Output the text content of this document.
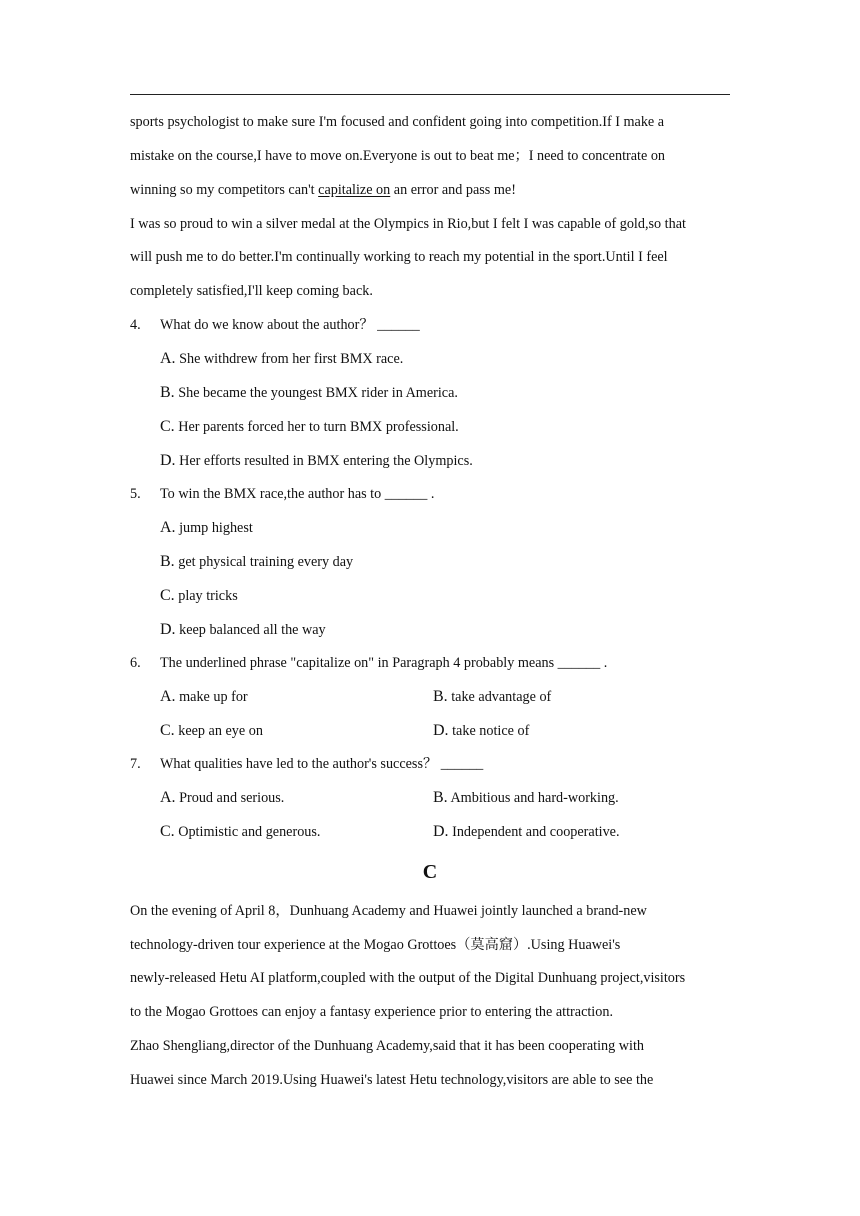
sports psychologist to make sure I'm focused and confident going into competition.If I make a
mistake on the course,I have to move on.Everyone is out to beat me；I need to concentrate on
winning so my competitors can't capitalize on an error and pass me!
I was so proud to win a silver medal at the Olympics in Rio,but I felt I was capable of gold,so that
will push me to do better.I'm continually working to reach my potential in the sport.Until I feel
completely satisfied,I'll keep coming back.
4. What do we know about the author？ ______
A. She withdrew from her first BMX race.
B. She became the youngest BMX rider in America.
C. Her parents forced her to turn BMX professional.
D. Her efforts resulted in BMX entering the Olympics.
5. To win the BMX race,the author has to ______ .
A. jump highest
B. get physical training every day
C. play tricks
D. keep balanced all the way
6. The underlined phrase "capitalize on" in Paragraph 4 probably means ______ .
A. make up for	B. take advantage of
C. keep an eye on	D. take notice of
7. What qualities have led to the author's success？ ______
A. Proud and serious.	B. Ambitious and hard-working.
C. Optimistic and generous.	D. Independent and cooperative.
C
On the evening of April 8，Dunhuang Academy and Huawei jointly launched a brand-new
technology-driven tour experience at the Mogao Grottoes（莫高窟）.Using Huawei's
newly-released Hetu AI platform,coupled with the output of the Digital Dunhuang project,visitors
to the Mogao Grottoes can enjoy a fantasy experience prior to entering the attraction.
Zhao Shengliang,director of the Dunhuang Academy,said that it has been cooperating with
Huawei since March 2019.Using Huawei's latest Hetu technology,visitors are able to see the
